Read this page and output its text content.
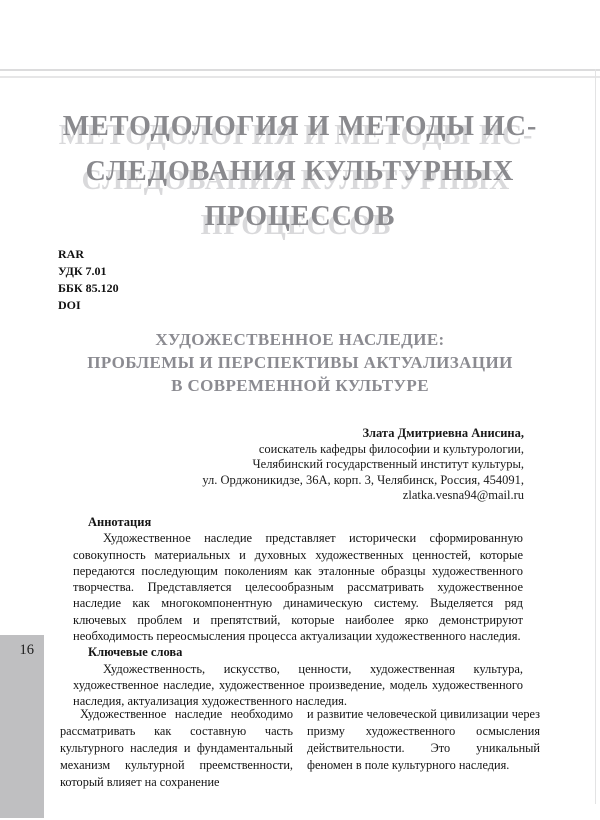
МЕТОДОЛОГИЯ И МЕТОДЫ ИС-
СЛЕДОВАНИЯ КУЛЬТУРНЫХ
ПРОЦЕССОВ
RAR
УДК 7.01
ББК 85.120
DOI
ХУДОЖЕСТВЕННОЕ НАСЛЕДИЕ:
ПРОБЛЕМЫ И ПЕРСПЕКТИВЫ АКТУАЛИЗАЦИИ
В СОВРЕМЕННОЙ КУЛЬТУРЕ
Злата Дмитриевна Анисина,
соискатель кафедры философии и культурологии,
Челябинский государственный институт культуры,
ул. Орджоникидзе, 36А, корп. 3, Челябинск, Россия, 454091,
zlatka.vesna94@mail.ru
Аннотация

Художественное наследие представляет исторически сформированную совокупность материальных и духовных художественных ценностей, которые передаются последующим поколениям как эталонные образцы художественного творчества. Представляется целесообразным рассматривать художественное наследие как многокомпонентную динамическую систему. Выделяется ряд ключевых проблем и препятствий, которые наиболее ярко демонстрируют необходимость переосмысления процесса актуализации художественного наследия.

Ключевые слова

Художественность, искусство, ценности, художественная культура, художественное наследие, художественное произведение, модель художественного наследия, актуализация художественного наследия.

Художественное наследие необходимо рассматривать как составную часть культурного наследия и фундаментальный механизм культурной преемственности, который влияет на сохранение

и развитие человеческой цивилизации через призму художественного осмысления действительности. Это уникальный феномен в поле культурного наследия.

16
